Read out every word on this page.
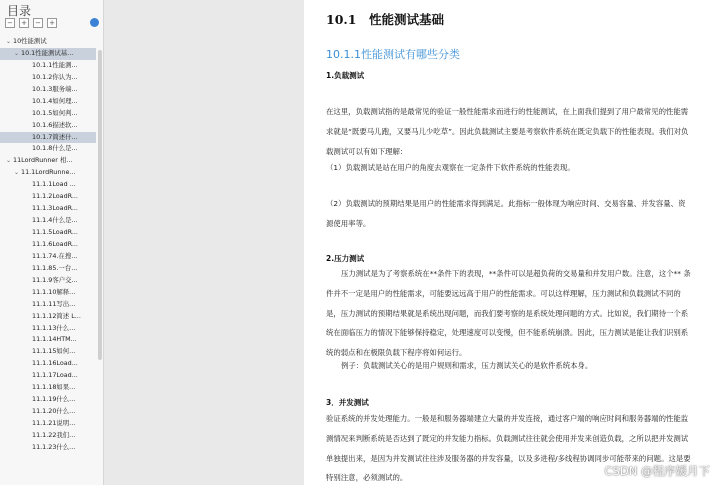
目录
− + − +
⌄ 10性能测试
⌄ 10.1性能测试基...
10.1.1性能测...
10.1.2你认为...
10.1.3服务端...
10.1.4如何理...
10.1.5如何判...
10.1.6描述软...
10.1.7简述什...
10.1.8什么是...
⌄ 11LordRunner 相...
⌄ 11.1LordRunne...
11.1.1Load ...
11.1.2LoadR...
11.1.3LoadR...
11.1.4什么是...
11.1.5LoadR...
11.1.6LoadR...
11.1.74.在搜...
11.1.85.一台...
11.1.9客户交...
11.1.10解释...
11.1.11写出...
11.1.12简述 L...
11.1.13什么...
11.1.14HTM...
11.1.15如何...
11.1.16Load...
11.1.17Load...
11.1.18如果...
11.1.19什么...
11.1.20什么...
11.1.21说明...
11.1.22我们...
11.1.23什么...
10.1　性能测试基础
10.1.1性能测试有哪些分类
CSDN @程序媛月下
1.负载测试
在这里，负载测试指的是最常见的验证一般性能需求而进行的性能测试，在上面我们提到了用户最常见的性能需求就是“既要马儿跑，又要马儿少吃草”。因此负载测试主要是考察软件系统在既定负载下的性能表现。我们对负载测试可以有如下理解：
（1）负载测试是站在用户的角度去观察在一定条件下软件系统的性能表现。
（2）负载测试的预期结果是用户的性能需求得到满足。此指标一般体现为响应时间、交易容量、并发容量、资源使用率等。
2.压力测试
压力测试是为了考察系统在**条件下的表现，**条件可以是超负荷的交易量和并发用户数。注意，这个** 条件并不一定是用户的性能需求，可能要远远高于用户的性能需求。可以这样理解，压力测试和负载测试不同的是，压力测试的预期结果就是系统出现问题，而我们要考察的是系统处理问题的方式。比如说，我们期待一个系统在面临压力的情况下能够保持稳定，处理速度可以变慢，但不能系统崩溃。因此，压力测试是能让我们识别系统的弱点和在极限负载下程序将如何运行。
例子：负载测试关心的是用户规则和需求，压力测试关心的是软件系统本身。
3．并发测试
验证系统的并发处理能力。一般是和服务器端建立大量的并发连接，通过客户端的响应时间和服务器端的性能监测情况来判断系统是否达到了既定的并发能力指标。负载测试往往就会使用并发来创造负载，之所以把并发测试单独提出来，是因为并发测试往往涉及服务器的并发容量，以及多进程/多线程协调同步可能带来的问题。这是要特别注意，必须测试的。
